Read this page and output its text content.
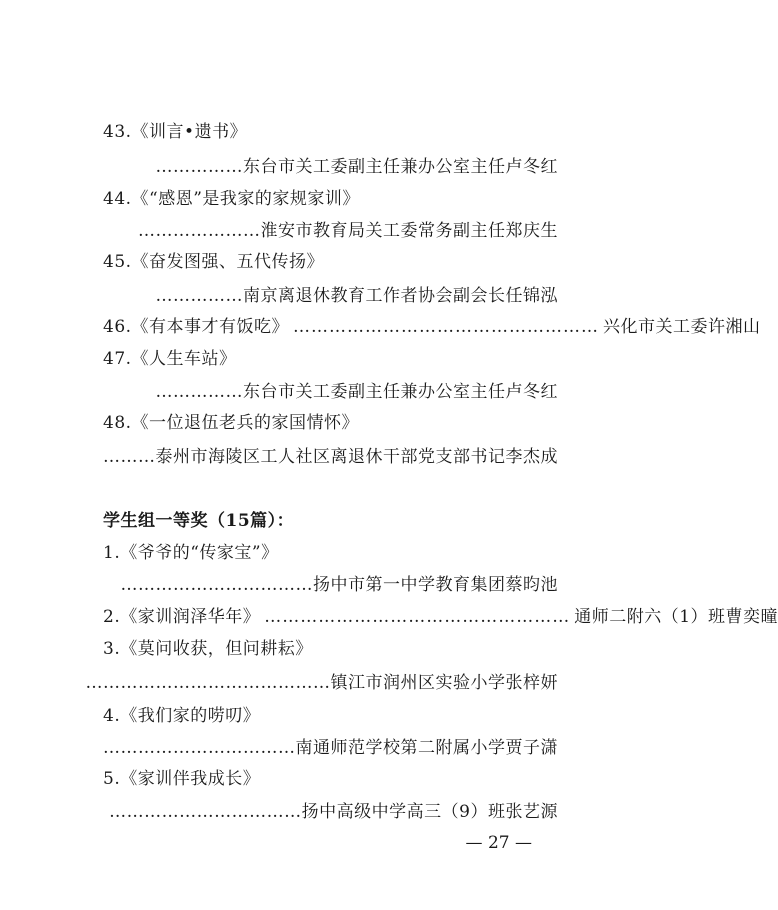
43.《训言•遗书》
……………东台市关工委副主任兼办公室主任卢冬红
44.《“感恩”是我家的家规家训》
…………………淮安市教育局关工委常务副主任郑庆生
45.《奋发图强、五代传扬》
……………南京离退休教育工作者协会副会长任锦泓
46.《有本事才有饭吃》 …………………………………………… 兴化市关工委许湘山
47.《人生车站》
……………东台市关工委副主任兼办公室主任卢冬红
48.《一位退伍老兵的家国情怀》
………泰州市海陵区工人社区离退休干部党支部书记李杰成
学生组一等奖（15篇）：
1.《爷爷的“传家宝”》
……………………………扬中市第一中学教育集团蔡昀池
2.《家训润泽华年》 …………………………………………… 通师二附六（1）班曹奕曈
3.《莫问收获，但问耕耘》
……………………………………镇江市润州区实验小学张梓妍
4.《我们家的唠叨》
……………………………南通师范学校第二附属小学贾子潇
5.《家训伴我成长》
……………………………扬中高级中学高三（9）班张艺源
— 27 —
